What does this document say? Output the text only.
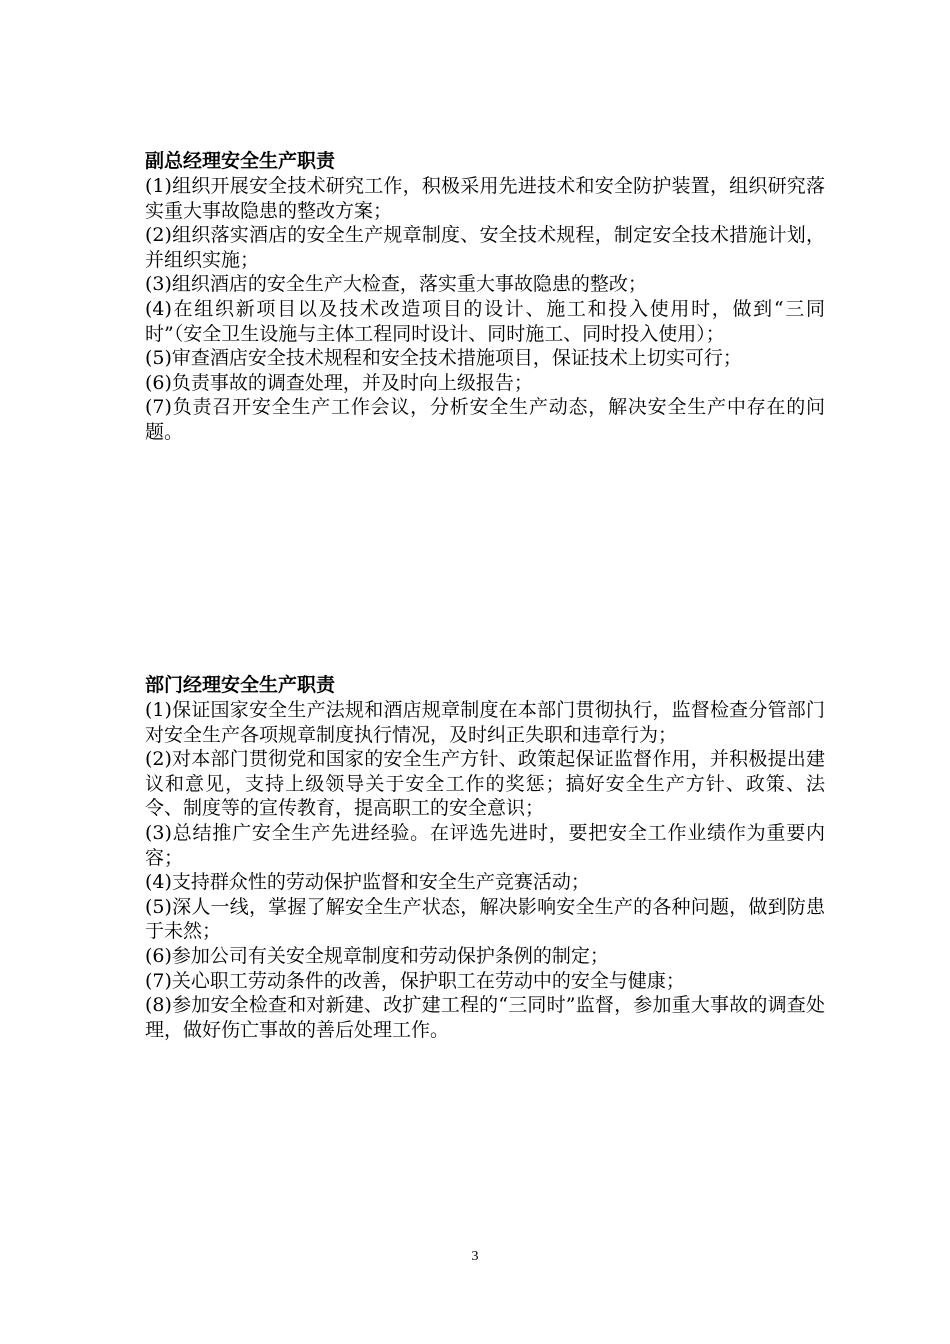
副总经理安全生产职责

(1)组织开展安全技术研究工作，积极采用先进技术和安全防护装置，组织研究落实重大事故隐患的整改方案；

(2)组织落实酒店的安全生产规章制度、安全技术规程，制定安全技术措施计划，并组织实施；

(3)组织酒店的安全生产大检查，落实重大事故隐患的整改；

(4)在组织新项目以及技术改造项目的设计、施工和投入使用时，做到“三同时”（安全卫生设施与主体工程同时设计、同时施工、同时投入使用）；

(5)审查酒店安全技术规程和安全技术措施项目，保证技术上切实可行；

(6)负责事故的调查处理，并及时向上级报告；

(7)负责召开安全生产工作会议，分析安全生产动态，解决安全生产中存在的问题。

部门经理安全生产职责

(1)保证国家安全生产法规和酒店规章制度在本部门贯彻执行，监督检查分管部门对安全生产各项规章制度执行情况，及时纠正失职和违章行为；

(2)对本部门贯彻党和国家的安全生产方针、政策起保证监督作用，并积极提出建议和意见，支持上级领导关于安全工作的奖惩；搞好安全生产方针、政策、法令、制度等的宣传教育，提高职工的安全意识；

(3)总结推广安全生产先进经验。在评选先进时，要把安全工作业绩作为重要内容；

(4)支持群众性的劳动保护监督和安全生产竞赛活动；

(5)深人一线，掌握了解安全生产状态，解决影响安全生产的各种问题，做到防患于未然；

(6)参加公司有关安全规章制度和劳动保护条例的制定；

(7)关心职工劳动条件的改善，保护职工在劳动中的安全与健康；

(8)参加安全检查和对新建、改扩建工程的“三同时”监督，参加重大事故的调查处理，做好伤亡事故的善后处理工作。

3
